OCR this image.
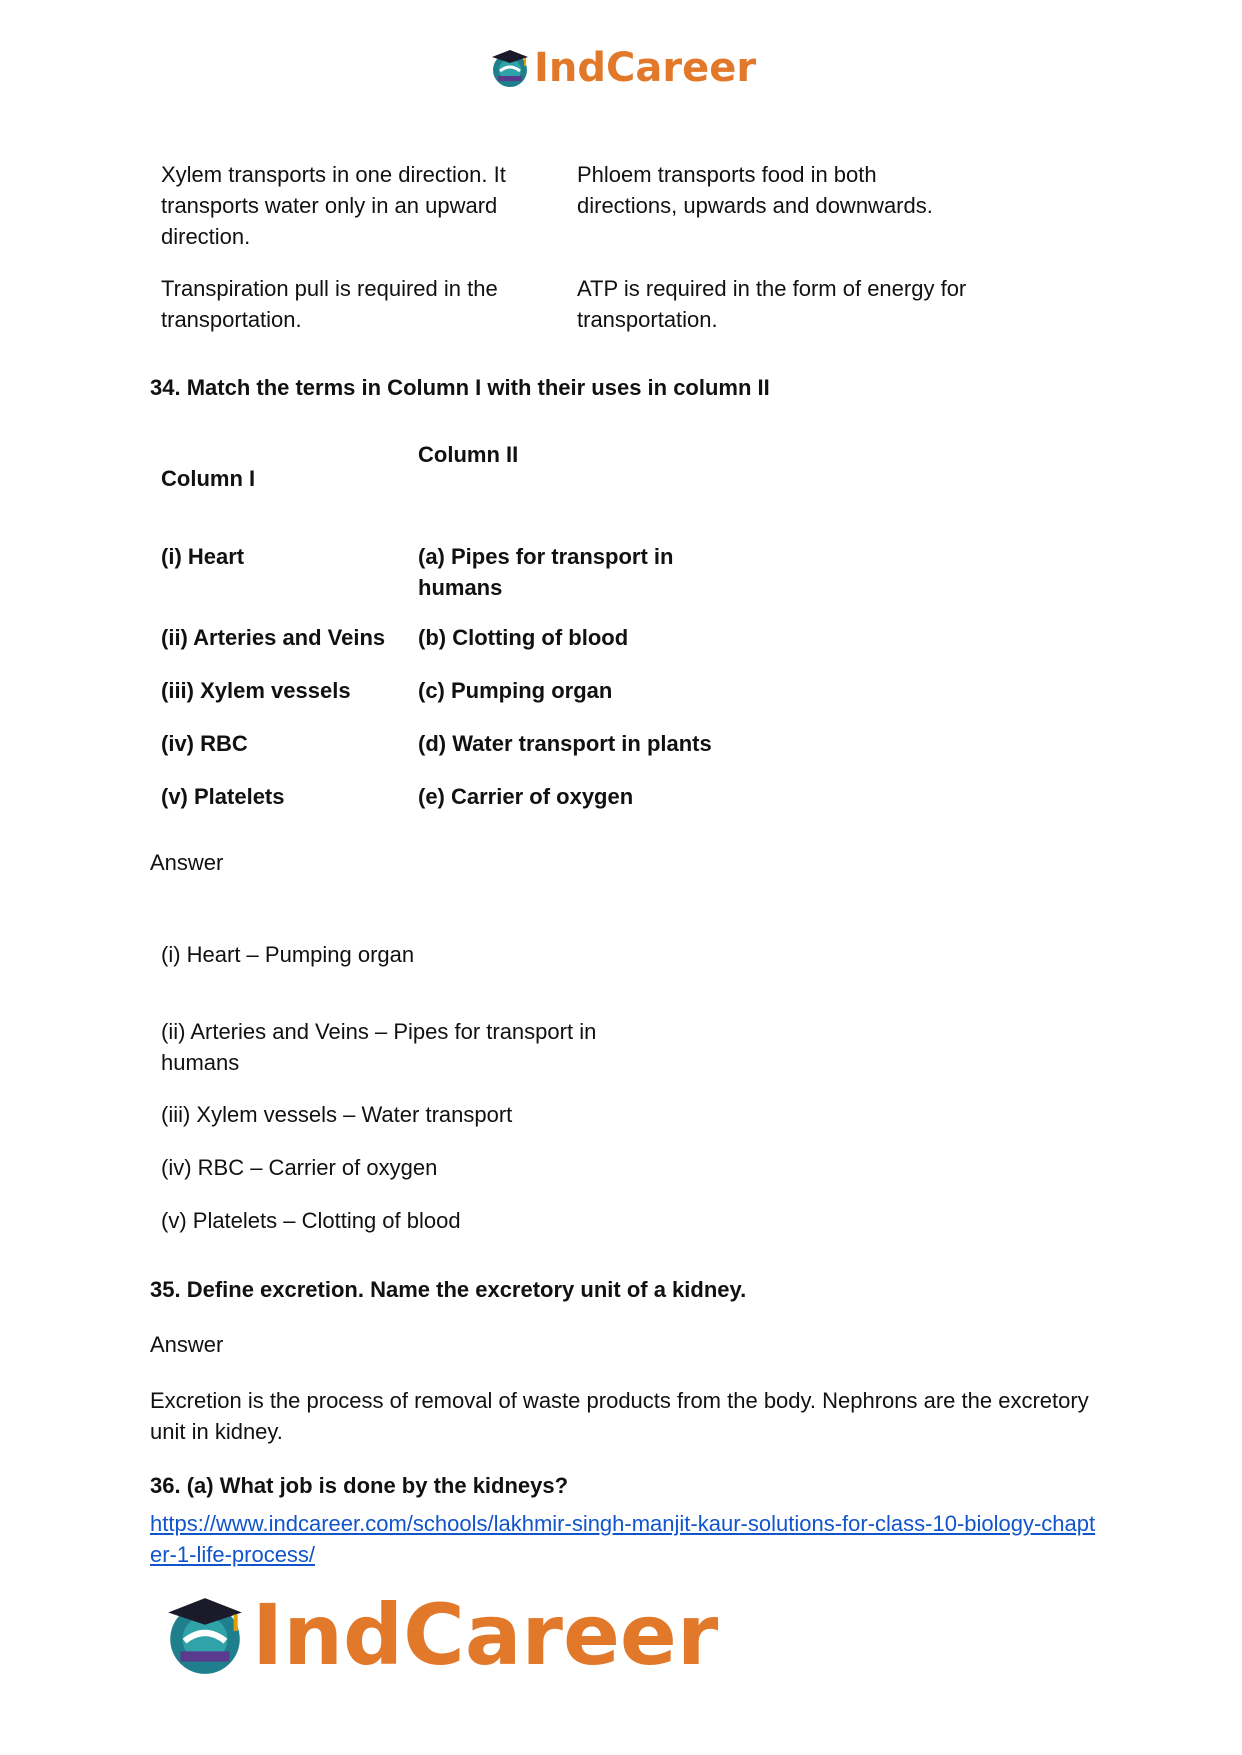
IndCareer
Xylem transports in one direction. It transports water only in an upward direction.
Phloem transports food in both directions, upwards and downwards.
Transpiration pull is required in the transportation.
ATP is required in the form of energy for transportation.
34. Match the terms in Column I with their uses in column II
Column I
Column II
(i) Heart	(a) Pipes for transport in humans
(ii) Arteries and Veins (b) Clotting of blood
(iii) Xylem vessels	(c) Pumping organ
(iv) RBC	(d) Water transport in plants
(v) Platelets	(e) Carrier of oxygen
Answer
(i) Heart – Pumping organ
(ii) Arteries and Veins – Pipes for transport in humans
(iii) Xylem vessels – Water transport
(iv) RBC – Carrier of oxygen
(v) Platelets – Clotting of blood
35. Define excretion. Name the excretory unit of a kidney.
Answer
Excretion is the process of removal of waste products from the body. Nephrons are the excretory unit in kidney.
36. (a) What job is done by the kidneys?
https://www.indcareer.com/schools/lakhmir-singh-manjit-kaur-solutions-for-class-10-biology-chapter-1-life-process/
IndCareer
